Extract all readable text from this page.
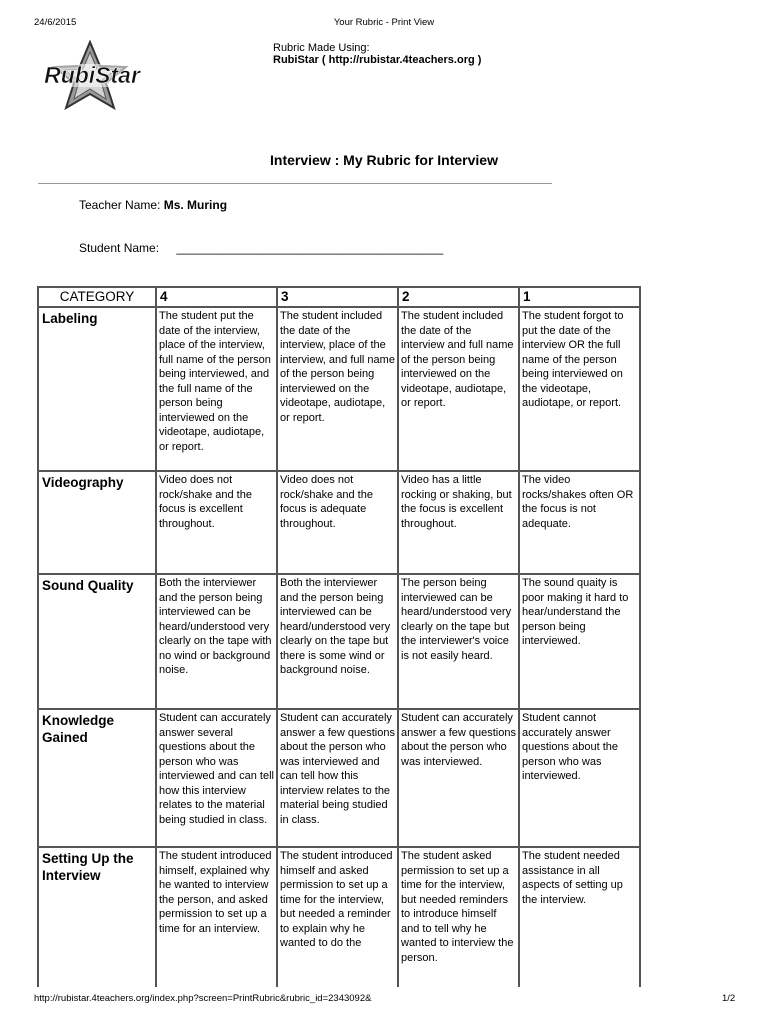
24/6/2015	Your Rubric - Print View
RubiStar
Rubric Made Using:
RubiStar ( http://rubistar.4teachers.org )
Interview : My Rubric for Interview
Teacher Name: Ms. Muring
Student Name: ________________________________________
CATEGORY	4	3	2	1
Labeling	The student put the date of the interview, place of the interview, full name of the person being interviewed, and the full name of the person being interviewed on the videotape, audiotape, or report.	The student included the date of the interview, place of the interview, and full name of the person being interviewed on the videotape, audiotape, or report.	The student included the date of the interview and full name of the person being interviewed on the videotape, audiotape, or report.	The student forgot to put the date of the interview OR the full name of the person being interviewed on the videotape, audiotape, or report.
Videography	Video does not rock/shake and the focus is excellent throughout.	Video does not rock/shake and the focus is adequate throughout.	Video has a little rocking or shaking, but the focus is excellent throughout.	The video rocks/shakes often OR the focus is not adequate.
Sound Quality	Both the interviewer and the person being interviewed can be heard/understood very clearly on the tape with no wind or background noise.	Both the interviewer and the person being interviewed can be heard/understood very clearly on the tape but there is some wind or background noise.	The person being interviewed can be heard/understood very clearly on the tape but the interviewer's voice is not easily heard.	The sound quaity is poor making it hard to hear/understand the person being interviewed.
Knowledge Gained	Student can accurately answer several questions about the person who was interviewed and can tell how this interview relates to the material being studied in class.	Student can accurately answer a few questions about the person who was interviewed and can tell how this interview relates to the material being studied in class.	Student can accurately answer a few questions about the person who was interviewed.	Student cannot accurately answer questions about the person who was interviewed.
Setting Up the Interview	The student introduced himself, explained why he wanted to interview the person, and asked permission to set up a time for an interview.	The student introduced himself and asked permission to set up a time for the interview, but needed a reminder to explain why he wanted to do the	The student asked permission to set up a time for the interview, but needed reminders to introduce himself and to tell why he wanted to interview the person.	The student needed assistance in all aspects of setting up the interview.
http://rubistar.4teachers.org/index.php?screen=PrintRubric&rubric_id=2343092&	1/2
